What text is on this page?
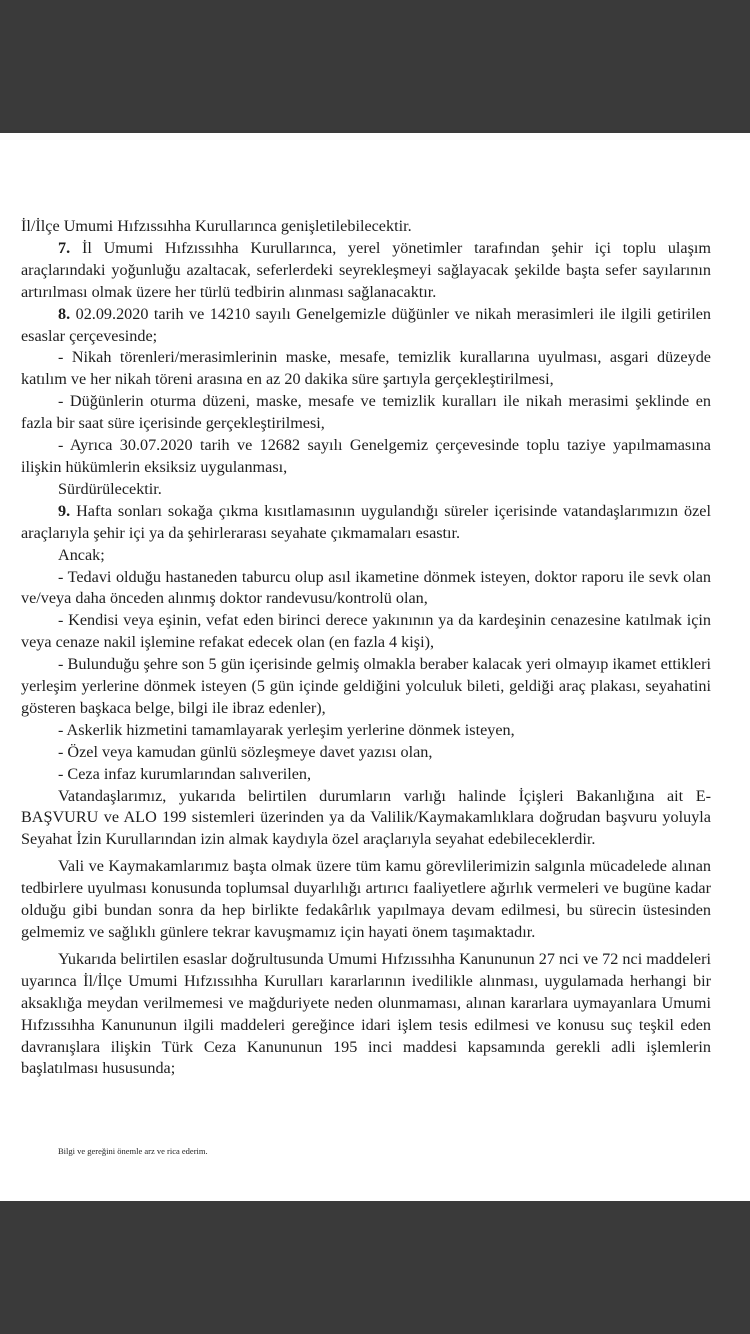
İl/İlçe Umumi Hıfzıssıhha Kurullarınca genişletilebilecektir.

7. İl Umumi Hıfzıssıhha Kurullarınca, yerel yönetimler tarafından şehir içi toplu ulaşım araçlarındaki yoğunluğu azaltacak, seferlerdeki seyrekleşmeyi sağlayacak şekilde başta sefer sayılarının artırılması olmak üzere her türlü tedbirin alınması sağlanacaktır.

8. 02.09.2020 tarih ve 14210 sayılı Genelgemizle düğünler ve nikah merasimleri ile ilgili getirilen esaslar çerçevesinde;

- Nikah törenleri/merasimlerinin maske, mesafe, temizlik kurallarına uyulması, asgari düzeyde katılım ve her nikah töreni arasına en az 20 dakika süre şartıyla gerçekleştirilmesi,

- Düğünlerin oturma düzeni, maske, mesafe ve temizlik kuralları ile nikah merasimi şeklinde en fazla bir saat süre içerisinde gerçekleştirilmesi,

- Ayrıca 30.07.2020 tarih ve 12682 sayılı Genelgemiz çerçevesinde toplu taziye yapılmamasına ilişkin hükümlerin eksiksiz uygulanması,

Sürdürülecektir.

9. Hafta sonları sokağa çıkma kısıtlamasının uygulandığı süreler içerisinde vatandaşlarımızın özel araçlarıyla şehir içi ya da şehirlerarası seyahate çıkmamaları esastır.

Ancak;

- Tedavi olduğu hastaneden taburcu olup asıl ikametine dönmek isteyen, doktor raporu ile sevk olan ve/veya daha önceden alınmış doktor randevusu/kontrolü olan,

- Kendisi veya eşinin, vefat eden birinci derece yakınının ya da kardeşinin cenazesine katılmak için veya cenaze nakil işlemine refakat edecek olan (en fazla 4 kişi),

- Bulunduğu şehre son 5 gün içerisinde gelmiş olmakla beraber kalacak yeri olmayıp ikamet ettikleri yerleşim yerlerine dönmek isteyen (5 gün içinde geldiğini yolculuk bileti, geldiği araç plakası, seyahatini gösteren başkaca belge, bilgi ile ibraz edenler),

- Askerlik hizmetini tamamlayarak yerleşim yerlerine dönmek isteyen,

- Özel veya kamudan günlü sözleşmeye davet yazısı olan,

- Ceza infaz kurumlarından salıverilen,

Vatandaşlarımız, yukarıda belirtilen durumların varlığı halinde İçişleri Bakanlığına ait E-BAŞVURU ve ALO 199 sistemleri üzerinden ya da Valilik/Kaymakamlıklara doğrudan başvuru yoluyla Seyahat İzin Kurullarından izin almak kaydıyla özel araçlarıyla seyahat edebileceklerdir.

Vali ve Kaymakamlarımız başta olmak üzere tüm kamu görevlilerimizin salgınla mücadelede alınan tedbirlere uyulması konusunda toplumsal duyarlılığı artırıcı faaliyetlere ağırlık vermeleri ve bugüne kadar olduğu gibi bundan sonra da hep birlikte fedakârlık yapılmaya devam edilmesi, bu sürecin üstesinden gelmemiz ve sağlıklı günlere tekrar kavuşmamız için hayati önem taşımaktadır.

Yukarıda belirtilen esaslar doğrultusunda Umumi Hıfzıssıhha Kanununun 27 nci ve 72 nci maddeleri uyarınca İl/İlçe Umumi Hıfzıssıhha Kurulları kararlarının ivedilikle alınması, uygulamada herhangi bir aksaklığa meydan verilmemesi ve mağduriyete neden olunmaması, alınan kararlara uymayanlara Umumi Hıfzıssıhha Kanununun ilgili maddeleri gereğince idari işlem tesis edilmesi ve konusu suç teşkil eden davranışlara ilişkin Türk Ceza Kanununun 195 inci maddesi kapsamında gerekli adli işlemlerin başlatılması hususunda;

Bilgi ve gereğini önemle arz ve rica ederim.
